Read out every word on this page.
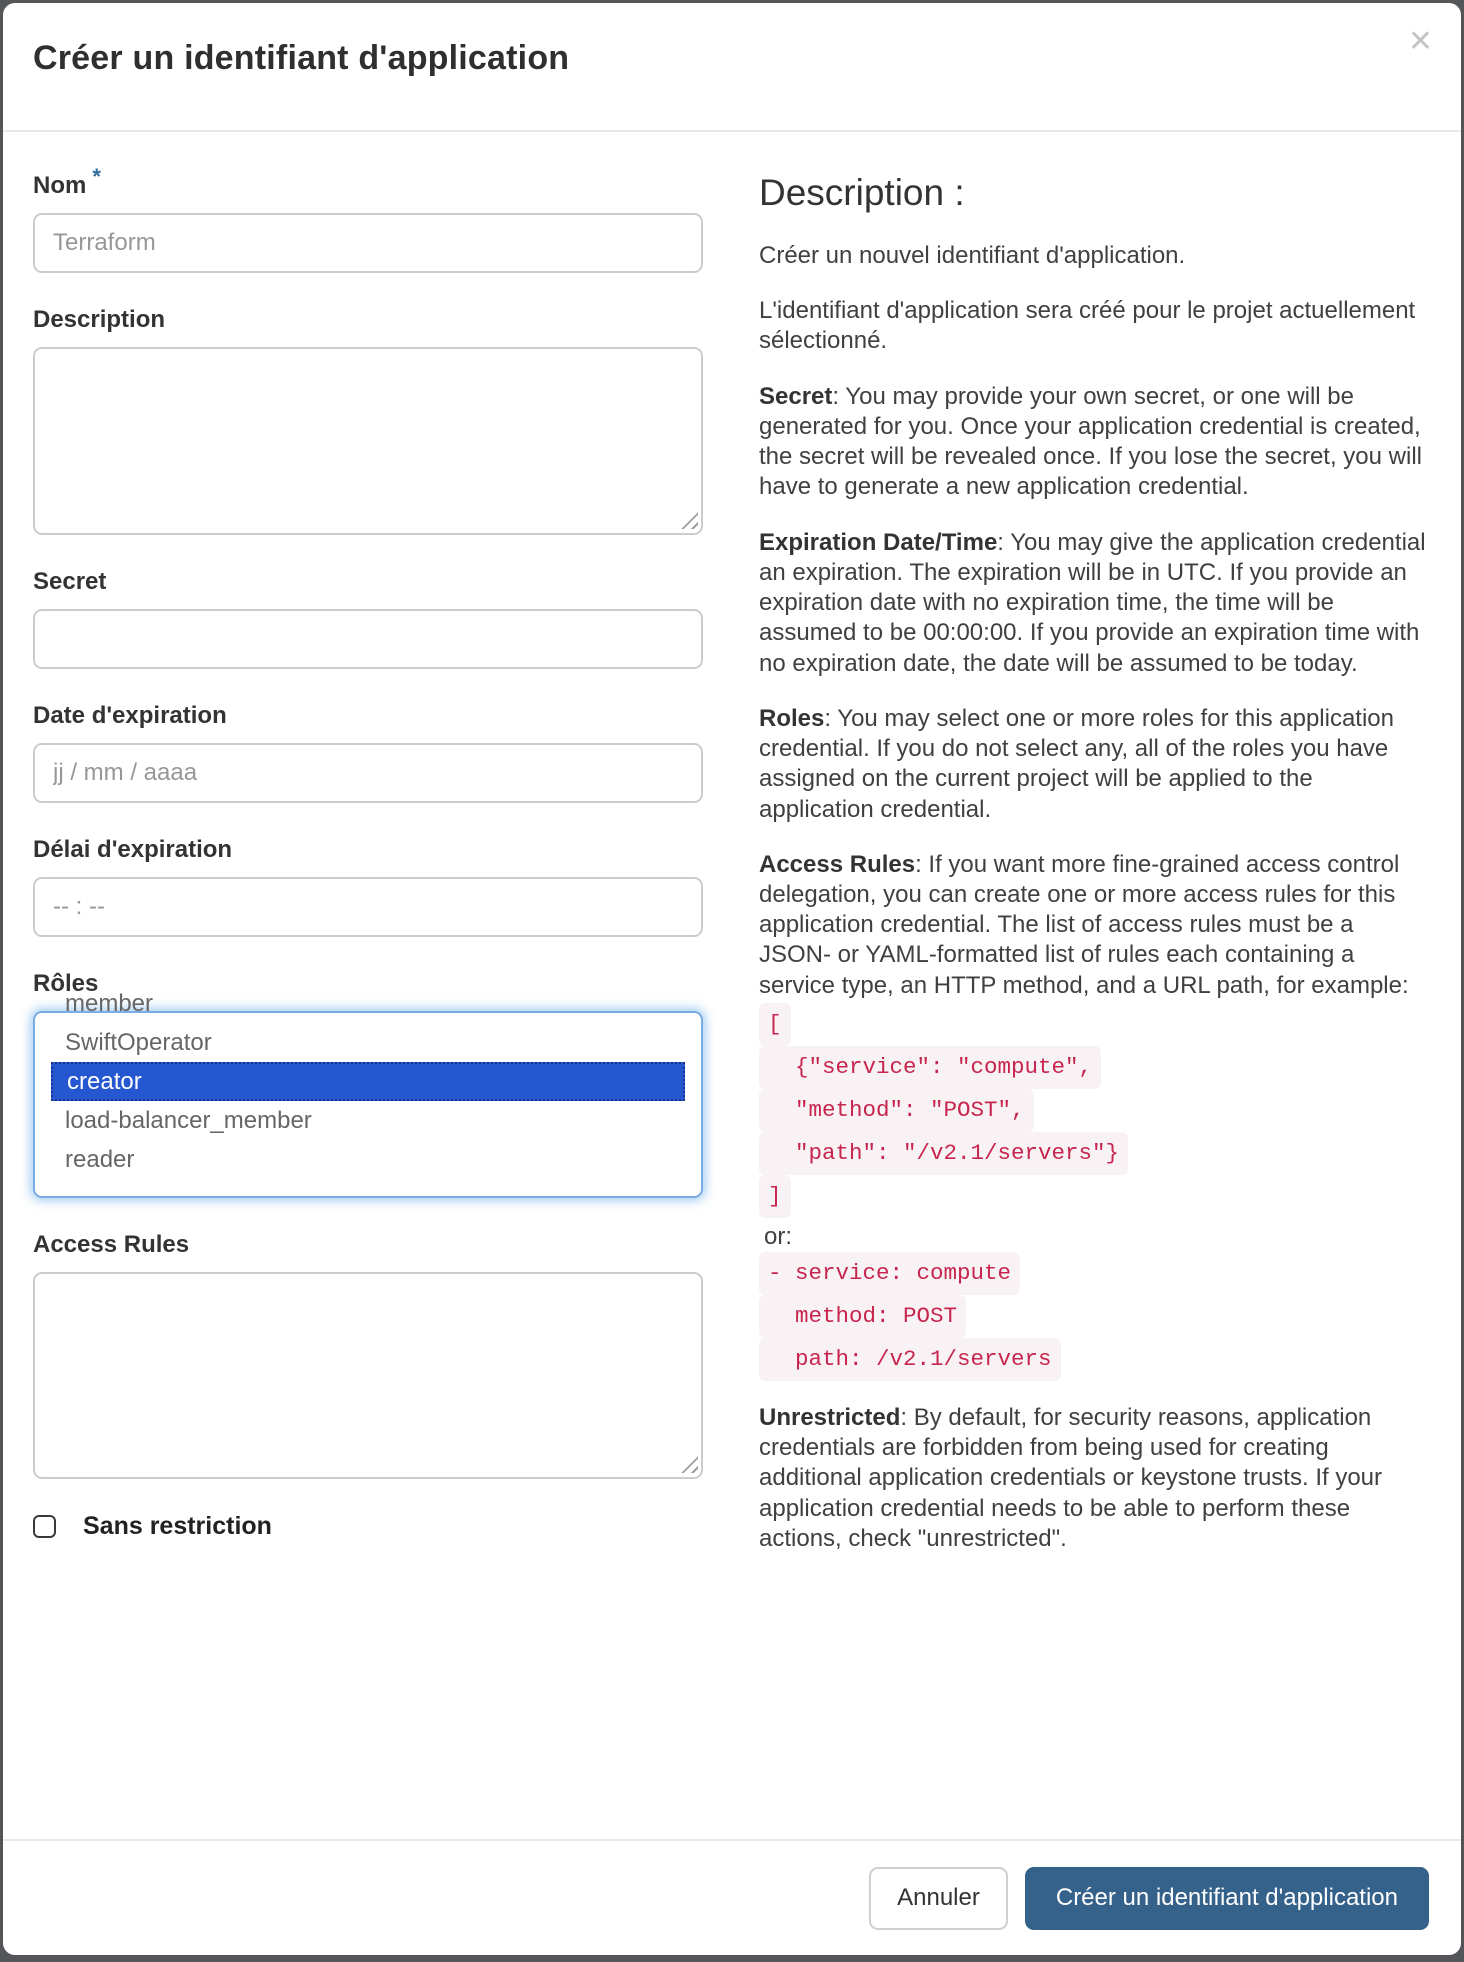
Créer un identifiant d'application	✕
Nom *
Terraform
Description
Secret
Date d'expiration
jj / mm / aaaa
Délai d'expiration
-- : --
Rôles
member
SwiftOperator
creator
load-balancer_member
reader
Access Rules
Sans restriction
Description :

Créer un nouvel identifiant d'application.

L'identifiant d'application sera créé pour le projet actuellement sélectionné.

Secret: You may provide your own secret, or one will be generated for you. Once your application credential is created, the secret will be revealed once. If you lose the secret, you will have to generate a new application credential.

Expiration Date/Time: You may give the application credential an expiration. The expiration will be in UTC. If you provide an expiration date with no expiration time, the time will be assumed to be 00:00:00. If you provide an expiration time with no expiration date, the date will be assumed to be today.

Roles: You may select one or more roles for this application credential. If you do not select any, all of the roles you have assigned on the current project will be applied to the application credential.

Access Rules: If you want more fine-grained access control delegation, you can create one or more access rules for this application credential. The list of access rules must be a JSON- or YAML-formatted list of rules each containing a service type, an HTTP method, and a URL path, for example:

[
{"service": "compute",
"method": "POST",
"path": "/v2.1/servers"}
]
or:
- service: compute
method: POST
path: /v2.1/servers

Unrestricted: By default, for security reasons, application credentials are forbidden from being used for creating additional application credentials or keystone trusts. If your application credential needs to be able to perform these actions, check "unrestricted".

Annuler	Créer un identifiant d'application
